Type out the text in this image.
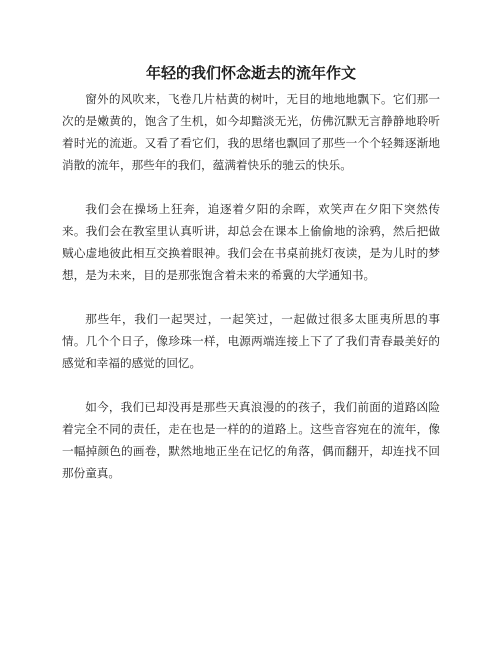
年轻的我们怀念逝去的流年作文

窗外的风吹来，飞卷几片枯黄的树叶，无目的地地地飘下。它们那一次的是嫩黄的，饱含了生机，如今却黯淡无光，仿佛沉默无言静静地聆听着时光的流逝。又看了看它们，我的思绪也飘回了那些一个个轻舞逐渐地消散的流年，那些年的我们，蕴满着快乐的驰云的快乐。

我们会在操场上狂奔，追逐着夕阳的余晖，欢笑声在夕阳下突然传来。我们会在教室里认真听讲，却总会在课本上偷偷地的涂鸦，然后把做贼心虚地彼此相互交换着眼神。我们会在书桌前挑灯夜读，是为儿时的梦想，是为未来，目的是那张饱含着未来的希冀的大学通知书。

那些年，我们一起哭过，一起笑过，一起做过很多太匪夷所思的事情。几个个日子，像珍珠一样，电源两端连接上下了了我们青春最美好的感觉和幸福的感觉的回忆。

如今，我们已却没再是那些天真浪漫的的孩子，我们前面的道路凶险着完全不同的责任，走在也是一样的的道路上。这些音容宛在的流年，像一幅掉颜色的画卷，默然地地正坐在记忆的角落，偶而翻开，却连找不回那份童真。
